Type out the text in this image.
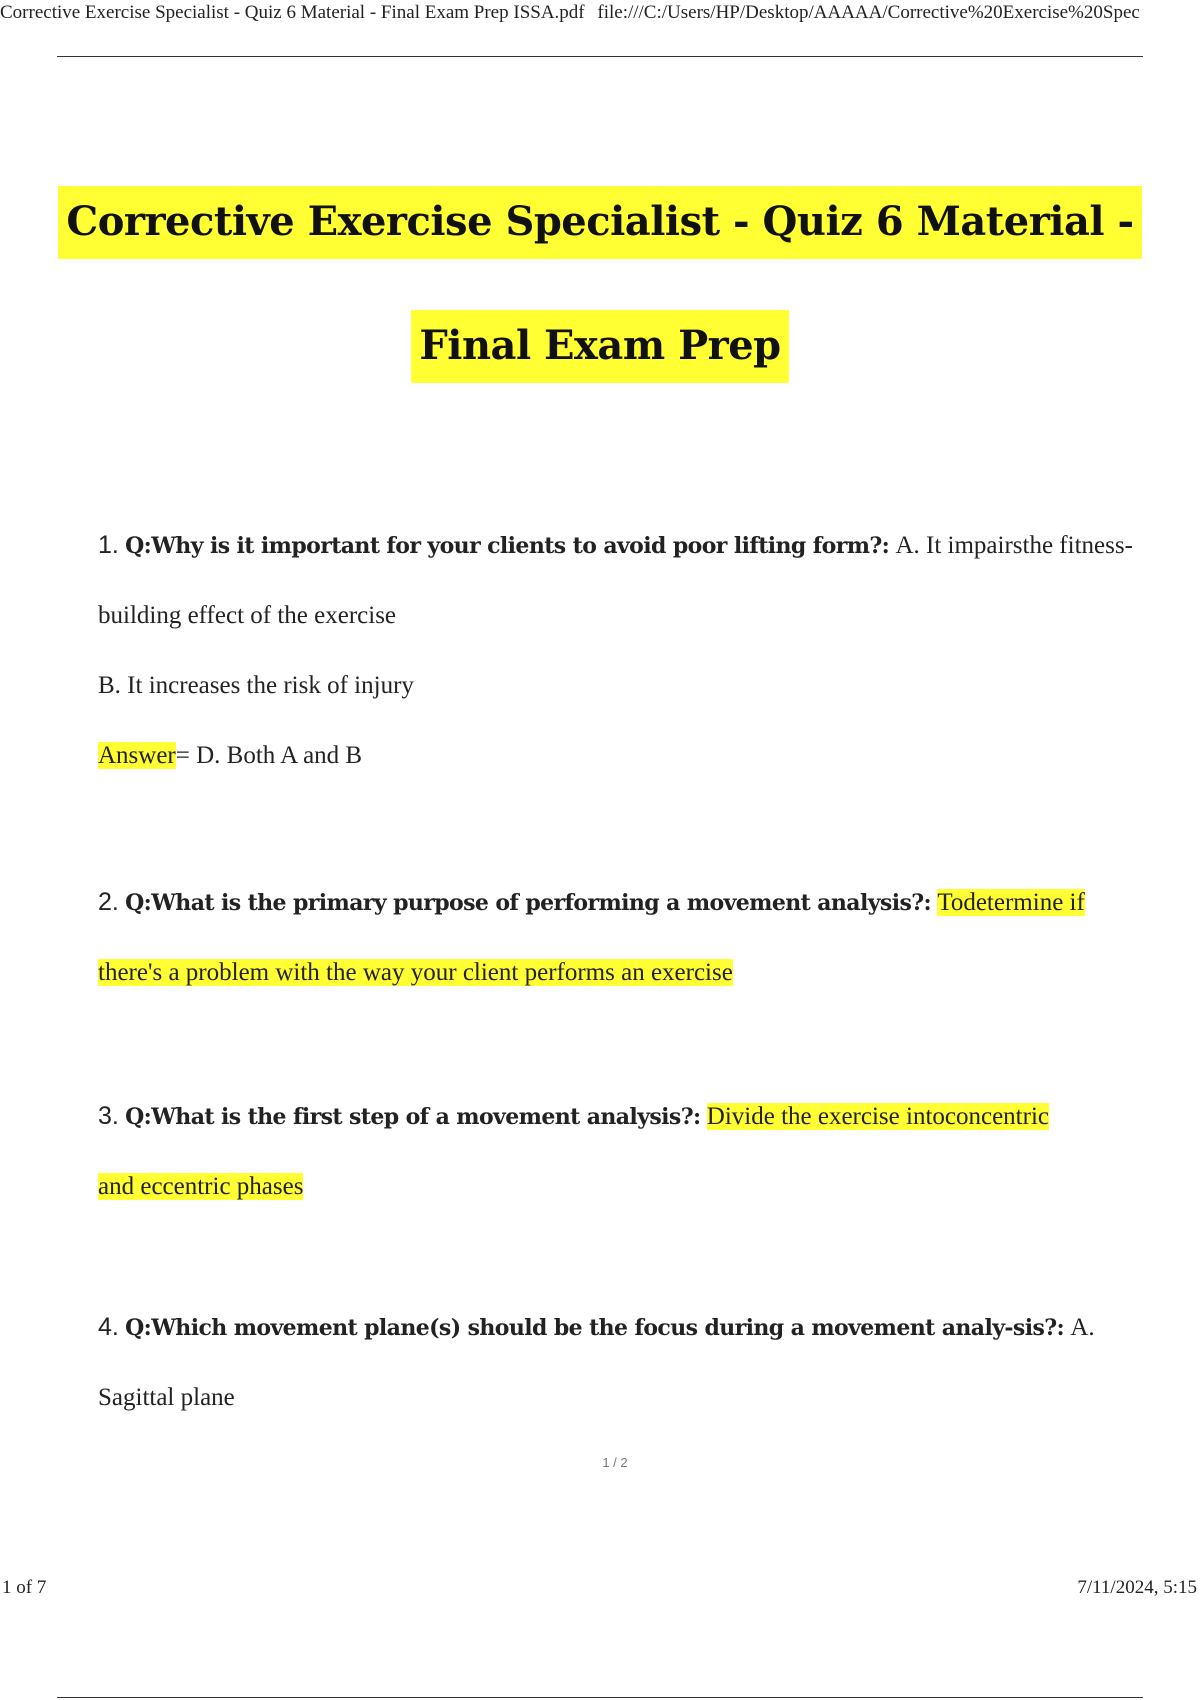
Corrective Exercise Specialist - Quiz 6 Material - Final Exam Prep ISSA.pdf file:///C:/Users/HP/Desktop/AAAAA/Corrective%20Exercise%20Spec
Corrective Exercise Specialist - Quiz 6 Material -
Final Exam Prep
1. Q:Why is it important for your clients to avoid poor lifting form?: A. It impairsthe fitness-
building effect of the exercise
B. It increases the risk of injury
Answer= D. Both A and B
2. Q:What is the primary purpose of performing a movement analysis?: Todetermine if
there's a problem with the way your client performs an exercise
3. Q:What is the first step of a movement analysis?: Divide the exercise intoconcentric
and eccentric phases
4. Q:Which movement plane(s) should be the focus during a movement analy-sis?: A.
Sagittal plane
1 / 2
1 of 7	7/11/2024, 5:15
